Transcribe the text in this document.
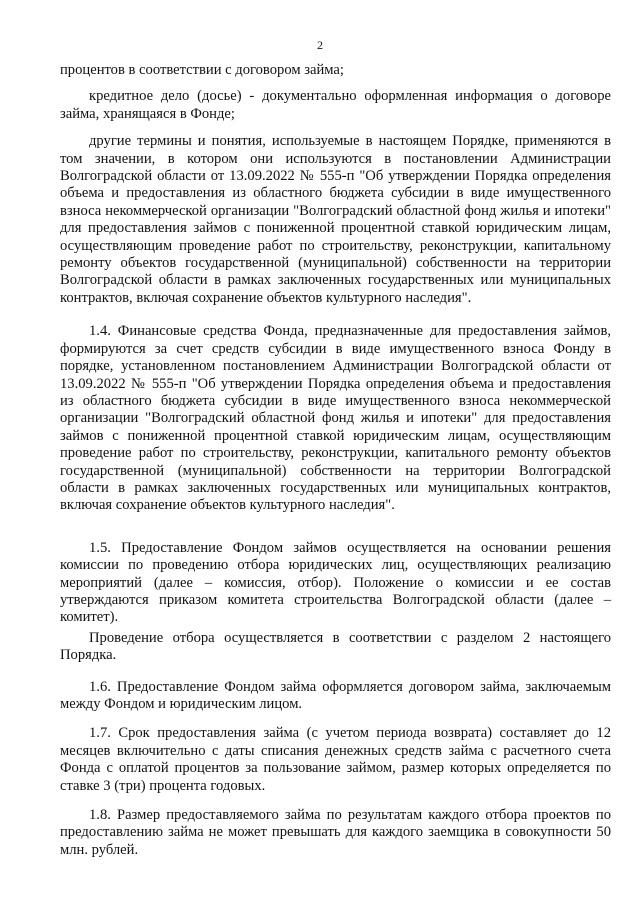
2

процентов в соответствии с договором займа;

кредитное дело (досье) - документально оформленная информация о договоре займа, хранящаяся в Фонде;

другие термины и понятия, используемые в настоящем Порядке, применяются в том значении, в котором они используются в постановлении Администрации Волгоградской области от 13.09.2022 № 555-п "Об утверждении Порядка определения объема и предоставления из областного бюджета субсидии в виде имущественного взноса некоммерческой организации "Волгоградский областной фонд жилья и ипотеки" для предоставления займов с пониженной процентной ставкой юридическим лицам, осуществляющим проведение работ по строительству, реконструкции, капитальному ремонту объектов государственной (муниципальной) собственности на территории Волгоградской области в рамках заключенных государственных или муниципальных контрактов, включая сохранение объектов культурного наследия".

1.4. Финансовые средства Фонда, предназначенные для предоставления займов, формируются за счет средств субсидии в виде имущественного взноса Фонду в порядке, установленном постановлением Администрации Волгоградской области от 13.09.2022 № 555-п "Об утверждении Порядка определения объема и предоставления из областного бюджета субсидии в виде имущественного взноса некоммерческой организации "Волгоградский областной фонд жилья и ипотеки" для предоставления займов с пониженной процентной ставкой юридическим лицам, осуществляющим проведение работ по строительству, реконструкции, капитального ремонту объектов государственной (муниципальной) собственности на территории Волгоградской области в рамках заключенных государственных или муниципальных контрактов, включая сохранение объектов культурного наследия".

1.5. Предоставление Фондом займов осуществляется на основании решения комиссии по проведению отбора юридических лиц, осуществляющих реализацию мероприятий (далее – комиссия, отбор). Положение о комиссии и ее состав утверждаются приказом комитета строительства Волгоградской области (далее – комитет).

Проведение отбора осуществляется в соответствии с разделом 2 настоящего Порядка.

1.6. Предоставление Фондом займа оформляется договором займа, заключаемым между Фондом и юридическим лицом.

1.7. Срок предоставления займа (с учетом периода возврата) составляет до 12 месяцев включительно с даты списания денежных средств займа с расчетного счета Фонда с оплатой процентов за пользование займом, размер которых определяется по ставке 3 (три) процента годовых.

1.8. Размер предоставляемого займа по результатам каждого отбора проектов по предоставлению займа не может превышать для каждого заемщика в совокупности 50 млн. рублей.
